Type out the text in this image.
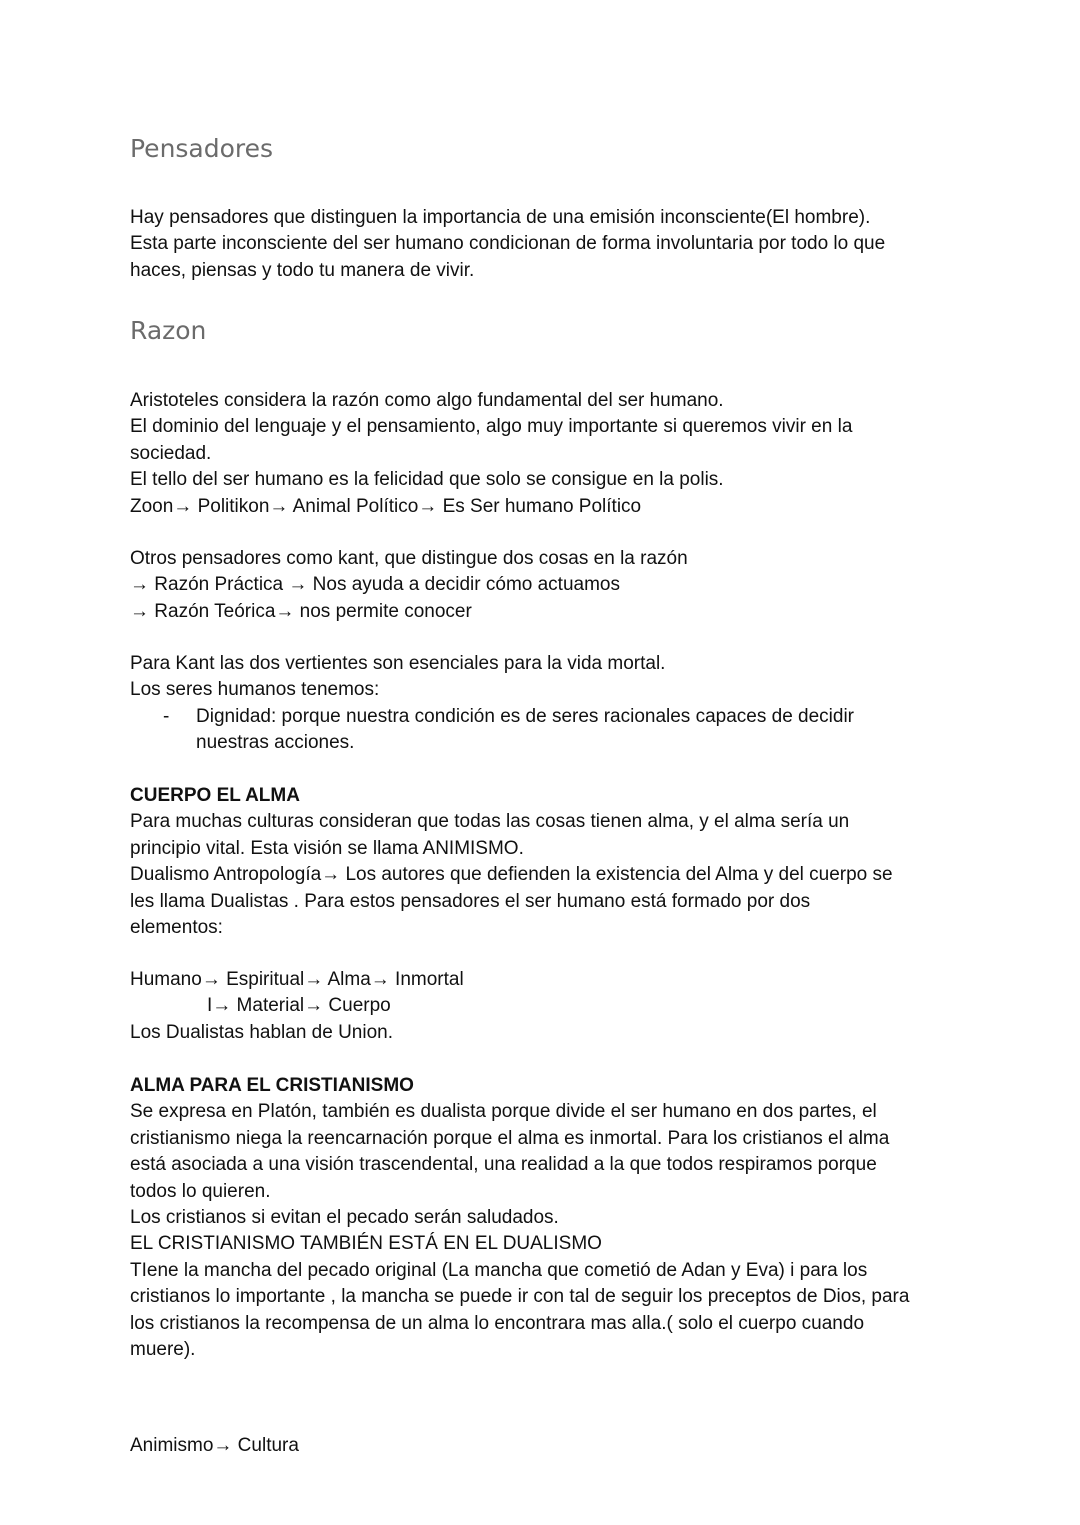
Pensadores
Hay pensadores que distinguen la importancia de una emisión inconsciente(El hombre).
Esta parte inconsciente del ser humano condicionan de forma involuntaria por todo lo que
haces, piensas y todo tu manera de vivir.
Razon
Aristoteles considera la razón como algo fundamental del ser humano.
El dominio del lenguaje y el pensamiento, algo muy importante si queremos vivir en la
sociedad.
El tello del ser humano es la felicidad que solo se consigue en la polis.
Zoon→ Politikon→ Animal Político→ Es Ser humano Político
Otros pensadores como kant, que distingue dos cosas en la razón
→ Razón Práctica → Nos ayuda a decidir cómo actuamos
→ Razón Teórica→ nos permite conocer
Para Kant las dos vertientes son esenciales para la vida mortal.
Los seres humanos tenemos:
- Dignidad: porque nuestra condición es de seres racionales capaces de decidir
nuestras acciones.
CUERPO EL ALMA
Para muchas culturas consideran que todas las cosas tienen alma, y el alma sería un
principio vital. Esta visión se llama ANIMISMO.
Dualismo Antropología→ Los autores que defienden la existencia del Alma y del cuerpo se
les llama Dualistas . Para estos pensadores el ser humano está formado por dos
elementos:
Humano→ Espiritual→ Alma→ Inmortal
I→ Material→ Cuerpo
Los Dualistas hablan de Union.
ALMA PARA EL CRISTIANISMO
Se expresa en Platón, también es dualista porque divide el ser humano en dos partes, el
cristianismo niega la reencarnación porque el alma es inmortal. Para los cristianos el alma
está asociada a una visión trascendental, una realidad a la que todos respiramos porque
todos lo quieren.
Los cristianos si evitan el pecado serán saludados.
EL CRISTIANISMO TAMBIÉN ESTÁ EN EL DUALISMO
TIene la mancha del pecado original (La mancha que cometió de Adan y Eva) i para los
cristianos lo importante , la mancha se puede ir con tal de seguir los preceptos de Dios, para
los cristianos la recompensa de un alma lo encontrara mas alla.( solo el cuerpo cuando
muere).
Animismo→ Cultura
